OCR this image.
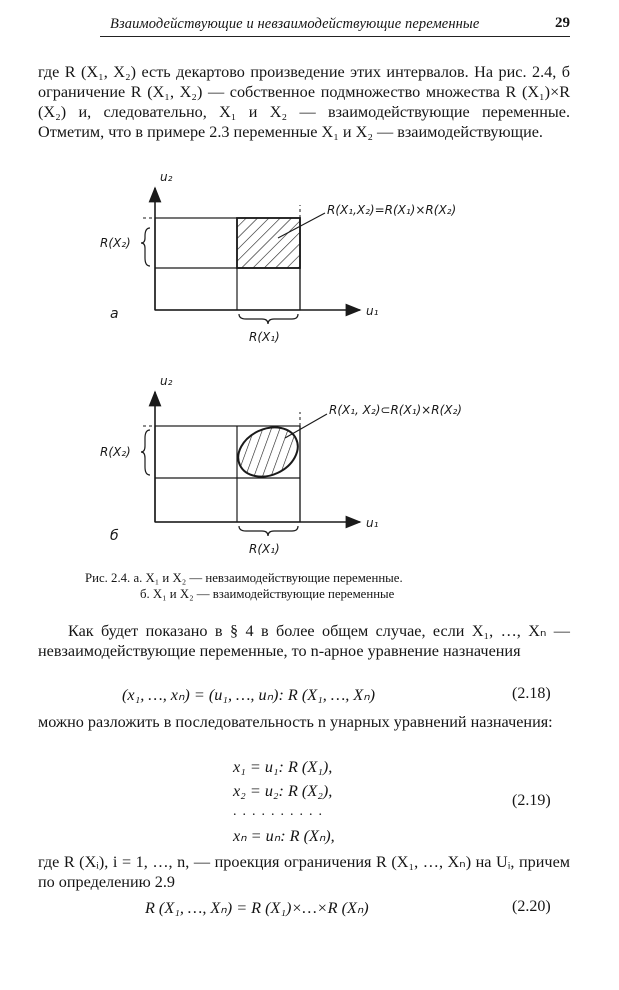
Взаимодействующие и невзаимодействующие переменные	29
где R (X₁, X₂) есть декартово произведение этих интервалов. На рис. 2.4, б ограничение R (X₁, X₂) — собственное подмножество множества R (X₁)×R (X₂) и, следовательно, X₁ и X₂ — взаимодействующие переменные. Отметим, что в примере 2.3 переменные X₁ и X₂ — взаимодействующие.
u₂
u₁
R(X₂)
R(X₁)
R(X₁,X₂)=R(X₁)×R(X₂)
а
u₂
u₁
R(X₂)
R(X₁)
R(X₁, X₂)⊂R(X₁)×R(X₂)
б
Рис. 2.4. а. X₁ и X₂ — невзаимодействующие переменные.
б. X₁ и X₂ — взаимодействующие переменные
Как будет показано в § 4 в более общем случае, если X₁, …, Xₙ — невзаимодействующие переменные, то n-арное уравнение назначения
(x₁, …, xₙ) = (u₁, …, uₙ): R (X₁, …, Xₙ)	(2.18)
можно разложить в последовательность n унарных уравнений назначения:
x₁ = u₁: R (X₁),
x₂ = u₂: R (X₂),
..........
xₙ = uₙ: R (Xₙ),
(2.19)
где R (Xᵢ), i = 1, …, n, — проекция ограничения R (X₁, …, Xₙ) на Uᵢ, причем по определению 2.9
R (X₁, …, Xₙ) = R (X₁)×…×R (Xₙ)	(2.20)
